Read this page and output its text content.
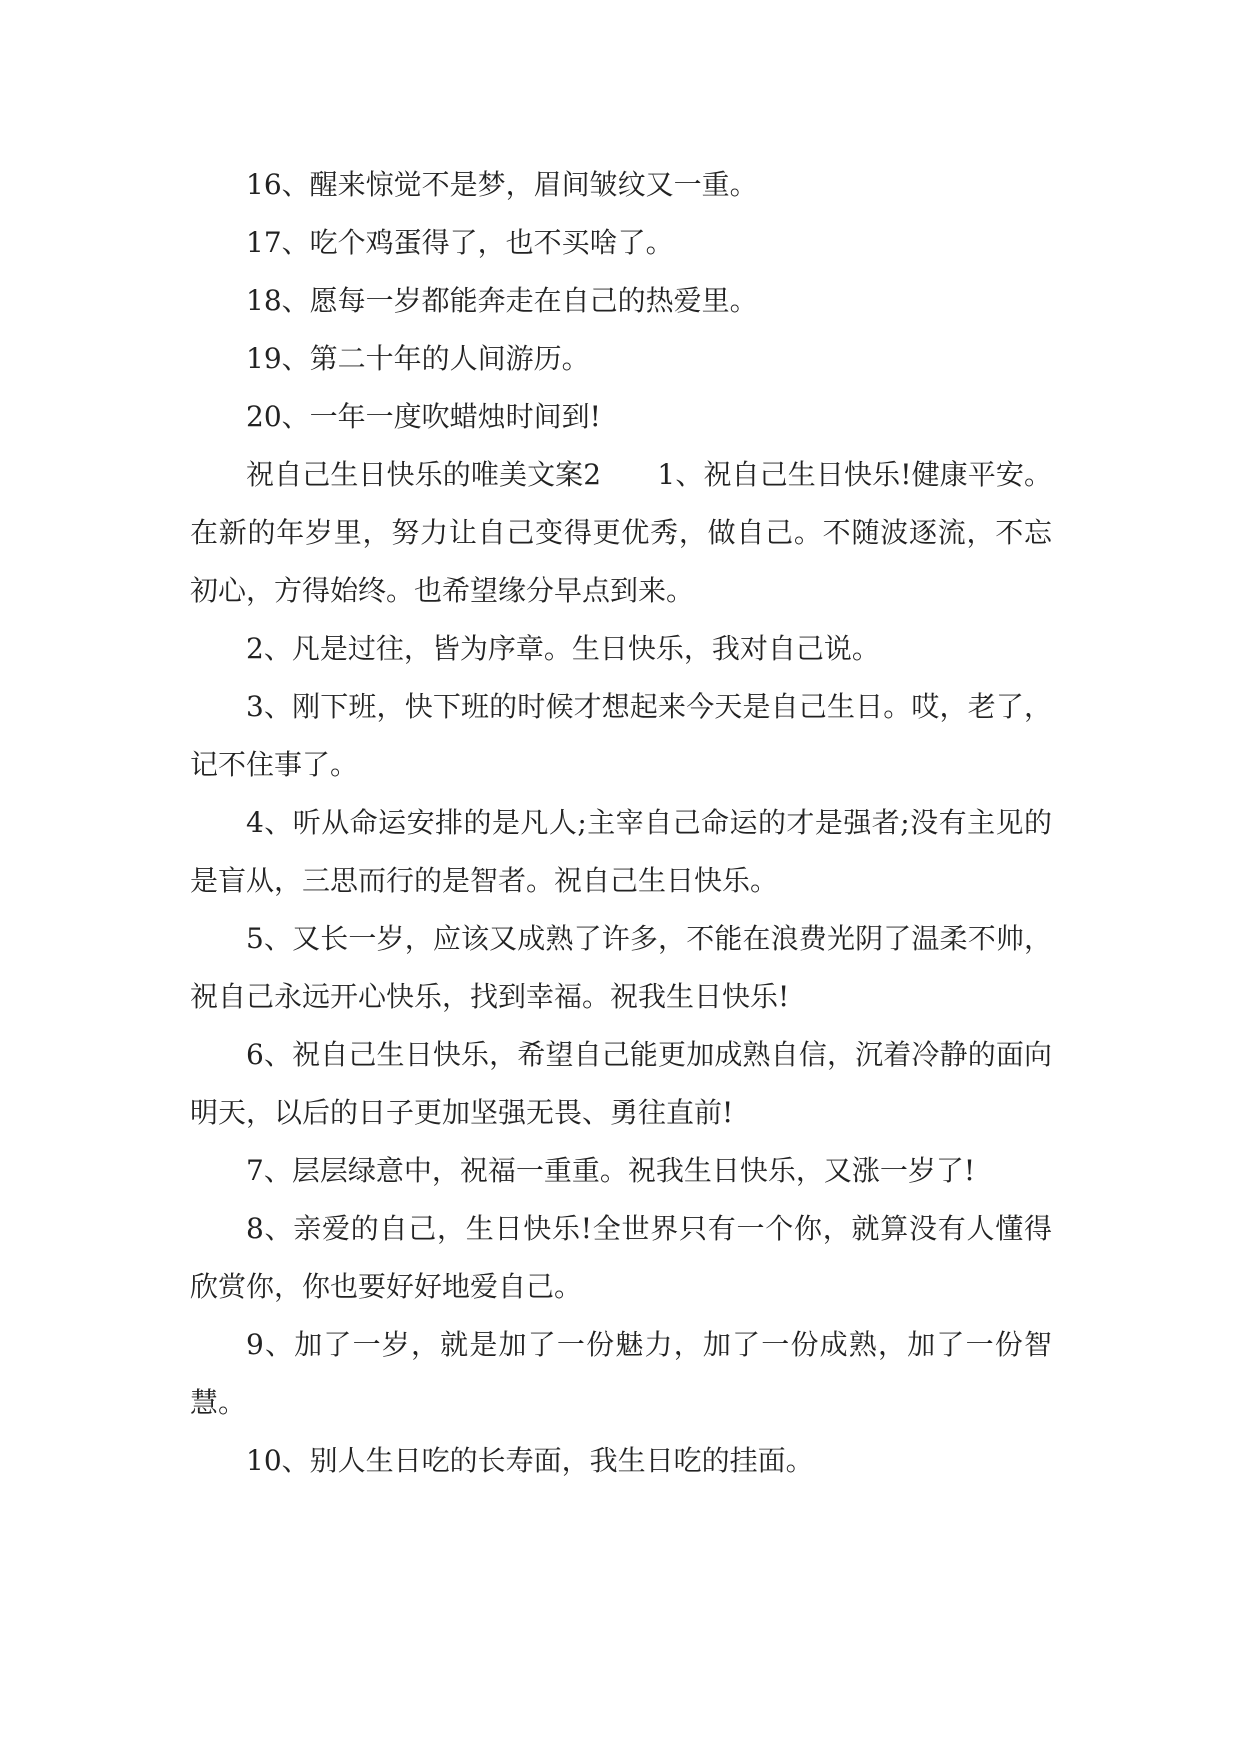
16、醒来惊觉不是梦，眉间皱纹又一重。

17、吃个鸡蛋得了，也不买啥了。

18、愿每一岁都能奔走在自己的热爱里。

19、第二十年的人间游历。

20、一年一度吹蜡烛时间到!

祝自己生日快乐的唯美文案2　　1、祝自己生日快乐!健康平安。在新的年岁里，努力让自己变得更优秀，做自己。不随波逐流，不忘初心，方得始终。也希望缘分早点到来。

2、凡是过往，皆为序章。生日快乐，我对自己说。

3、刚下班，快下班的时候才想起来今天是自己生日。哎，老了，记不住事了。

4、听从命运安排的是凡人;主宰自己命运的才是强者;没有主见的是盲从，三思而行的是智者。祝自己生日快乐。

5、又长一岁，应该又成熟了许多，不能在浪费光阴了温柔不帅，祝自己永远开心快乐，找到幸福。祝我生日快乐!

6、祝自己生日快乐，希望自己能更加成熟自信，沉着冷静的面向明天，以后的日子更加坚强无畏、勇往直前!

7、层层绿意中，祝福一重重。祝我生日快乐，又涨一岁了!

8、亲爱的自己，生日快乐!全世界只有一个你，就算没有人懂得欣赏你，你也要好好地爱自己。

9、加了一岁，就是加了一份魅力，加了一份成熟，加了一份智慧。

10、别人生日吃的长寿面，我生日吃的挂面。
